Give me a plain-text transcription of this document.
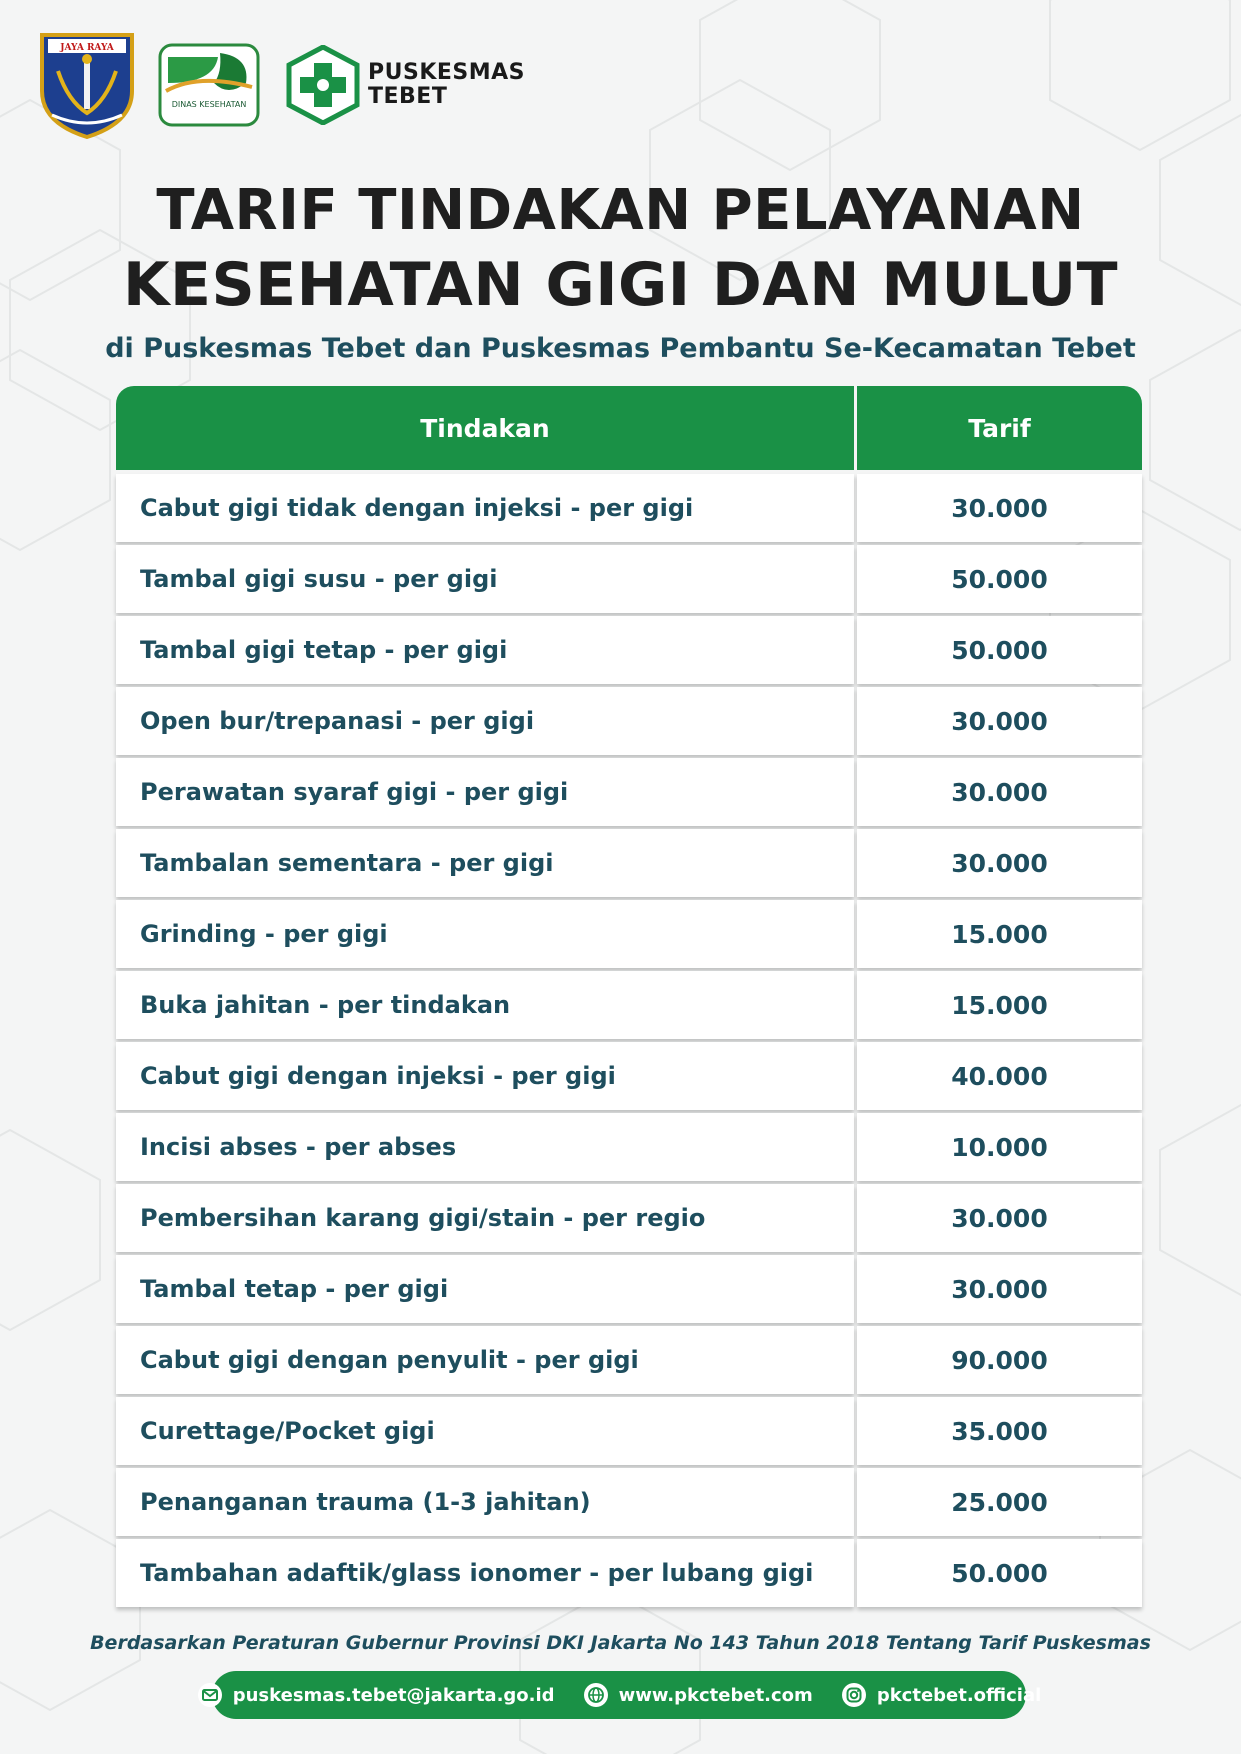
JAYA RAYA
DINAS KESEHATAN
PUSKESMAS
TEBET
TARIF TINDAKAN PELAYANAN
KESEHATAN GIGI DAN MULUT
di Puskesmas Tebet dan Puskesmas Pembantu Se-Kecamatan Tebet
Tindakan	Tarif
Cabut gigi tidak dengan injeksi - per gigi	30.000
Tambal gigi susu - per gigi	50.000
Tambal gigi tetap - per gigi	50.000
Open bur/trepanasi - per gigi	30.000
Perawatan syaraf gigi - per gigi	30.000
Tambalan sementara - per gigi	30.000
Grinding - per gigi	15.000
Buka jahitan - per tindakan	15.000
Cabut gigi dengan injeksi - per gigi	40.000
Incisi abses - per abses	10.000
Pembersihan karang gigi/stain - per regio	30.000
Tambal tetap - per gigi	30.000
Cabut gigi dengan penyulit - per gigi	90.000
Curettage/Pocket gigi	35.000
Penanganan trauma (1-3 jahitan)	25.000
Tambahan adaftik/glass ionomer - per lubang gigi	50.000
Berdasarkan Peraturan Gubernur Provinsi DKI Jakarta No 143 Tahun 2018 Tentang Tarif Puskesmas
puskesmas.tebet@jakarta.go.id	www.pkctebet.com	pkctebet.official
